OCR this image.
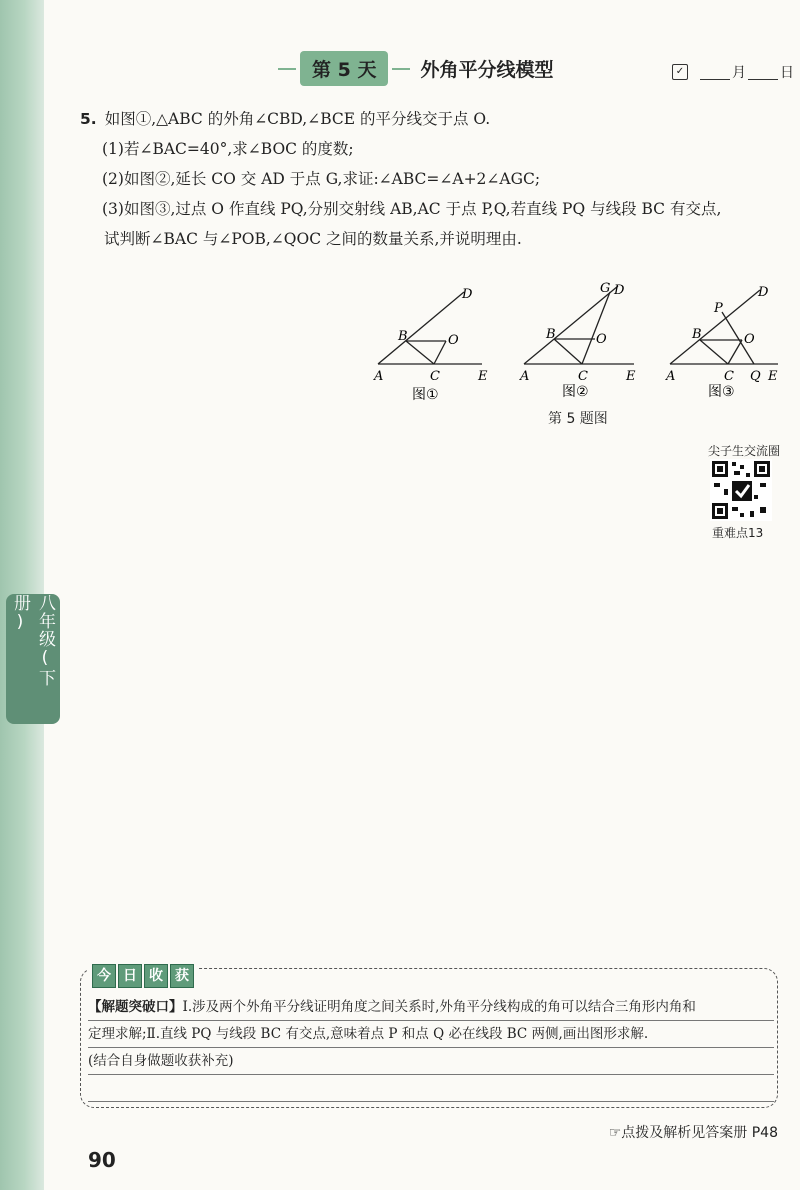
八年级(下册)
第 5 天	外角平分线模型	✓	月 日
5. 如图①,△ABC 的外角∠CBD,∠BCE 的平分线交于点 O.
(1)若∠BAC=40°,求∠BOC 的度数;
(2)如图②,延长 CO 交 AD 于点 G,求证:∠ABC=∠A+2∠AGC;
(3)如图③,过点 O 作直线 PQ,分别交射线 AB,AC 于点 P,Q,若直线 PQ 与线段 BC 有交点,
试判断∠BAC 与∠POB,∠QOC 之间的数量关系,并说明理由.
D
B	O
A	C	E
图①
G D
B	O
A	C	E
图②
D
P
B	O
A	C Q E
图③
第 5 题图
尖子生交流圈
重难点13
今 日 收 获
【解题突破口】Ⅰ.涉及两个外角平分线证明角度之间关系时,外角平分线构成的角可以结合三角形内角和
定理求解;Ⅱ.直线 PQ 与线段 BC 有交点,意味着点 P 和点 Q 必在线段 BC 两侧,画出图形求解.
(结合自身做题收获补充)
☞点拨及解析见答案册 P48
90
